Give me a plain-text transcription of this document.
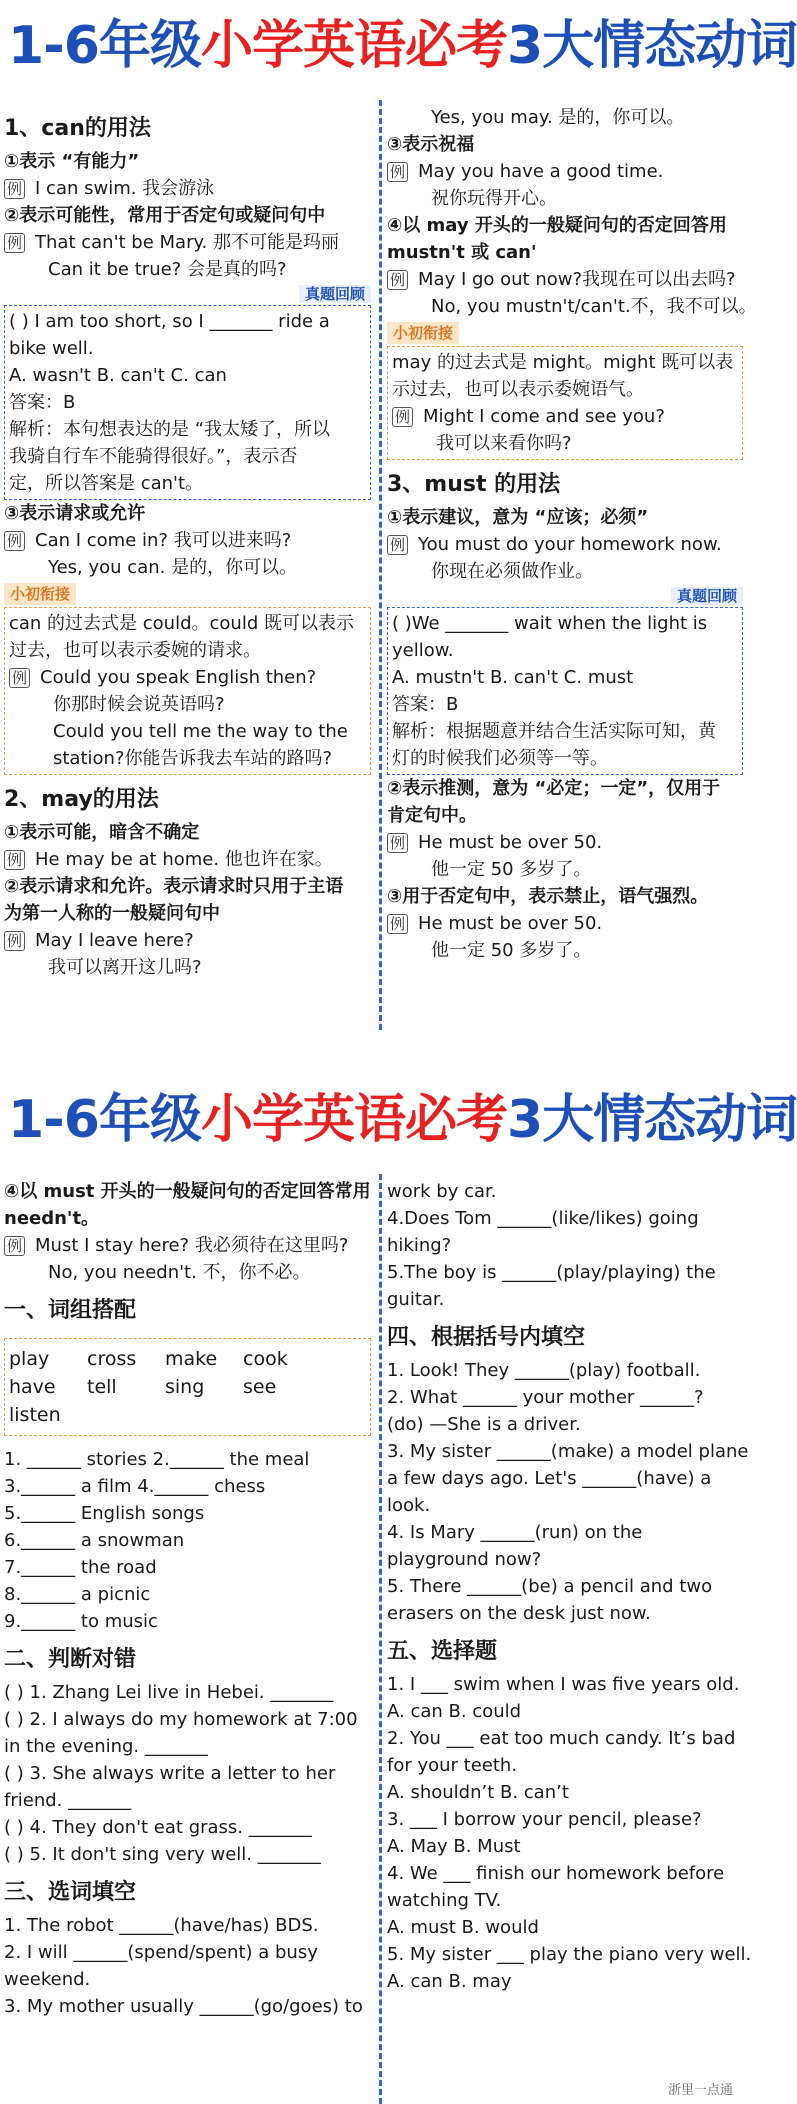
1-6年级小学英语必考3大情态动词
1、can的用法
①表示 “有能力”
例 I can swim. 我会游泳
②表示可能性，常用于否定句或疑问句中
例 That can't be Mary. 那不可能是玛丽
Can it be true? 会是真的吗?
真题回顾
( ) I am too short, so I _______ ride a
bike well.
A. wasn't B. can't C. can
答案：B
解析：本句想表达的是 “我太矮了，所以
我骑自行车不能骑得很好。”，表示否
定，所以答案是 can't。
③表示请求或允许
例 Can I come in? 我可以进来吗?
Yes, you can. 是的，你可以。
小初衔接
can 的过去式是 could。could 既可以表示
过去，也可以表示委婉的请求。
例 Could you speak English then?
你那时候会说英语吗?
Could you tell me the way to the
station?你能告诉我去车站的路吗?
2、may的用法
①表示可能，暗含不确定
例 He may be at home. 他也许在家。
②表示请求和允许。表示请求时只用于主语
为第一人称的一般疑问句中
例 May I leave here?
我可以离开这儿吗?
Yes, you may. 是的，你可以。
③表示祝福
例 May you have a good time.
祝你玩得开心。
④以 may 开头的一般疑问句的否定回答用
mustn't 或 can'
例 May I go out now?我现在可以出去吗?
No, you mustn't/can't.不，我不可以。
小初衔接
may 的过去式是 might。might 既可以表
示过去，也可以表示委婉语气。
例 Might I come and see you?
我可以来看你吗?
3、must 的用法
①表示建议，意为 “应该；必须”
例 You must do your homework now.
你现在必须做作业。
真题回顾
( )We _______ wait when the light is
yellow.
A. mustn't B. can't C. must
答案：B
解析：根据题意并结合生活实际可知，黄
灯的时候我们必须等一等。
②表示推测，意为 “必定；一定”，仅用于
肯定句中。
例 He must be over 50.
他一定 50 多岁了。
③用于否定句中，表示禁止，语气强烈。
例 He must be over 50.
他一定 50 多岁了。
1-6年级小学英语必考3大情态动词
④以 must 开头的一般疑问句的否定回答常用
needn't。
例 Must I stay here? 我必须待在这里吗?
No, you needn't. 不，你不必。
一、词组搭配
play	cross	make	cook
have	tell	sing	see
listen
1. ______ stories 2.______ the meal
3.______ a film 4.______ chess
5.______ English songs
6.______ a snowman
7.______ the road
8.______ a picnic
9.______ to music
二、判断对错
( ) 1. Zhang Lei live in Hebei. _______
( ) 2. I always do my homework at 7:00
in the evening. _______
( ) 3. She always write a letter to her
friend. _______
( ) 4. They don't eat grass. _______
( ) 5. It don't sing very well. _______
三、选词填空
1. The robot ______(have/has) BDS.
2. I will ______(spend/spent) a busy
weekend.
3. My mother usually ______(go/goes) to
work by car.
4.Does Tom ______(like/likes) going
hiking?
5.The boy is ______(play/playing) the
guitar.
四、根据括号内填空
1. Look! They ______(play) football.
2. What ______ your mother ______?
(do) —She is a driver.
3. My sister ______(make) a model plane
a few days ago. Let's ______(have) a
look.
4. Is Mary ______(run) on the
playground now?
5. There ______(be) a pencil and two
erasers on the desk just now.
五、选择题
1. I ___ swim when I was five years old.
A. can B. could
2. You ___ eat too much candy. It’s bad
for your teeth.
A. shouldn’t B. can’t
3. ___ I borrow your pencil, please?
A. May B. Must
4. We ___ finish our homework before
watching TV.
A. must B. would
5. My sister ___ play the piano very well.
A. can B. may
浙里一点通
